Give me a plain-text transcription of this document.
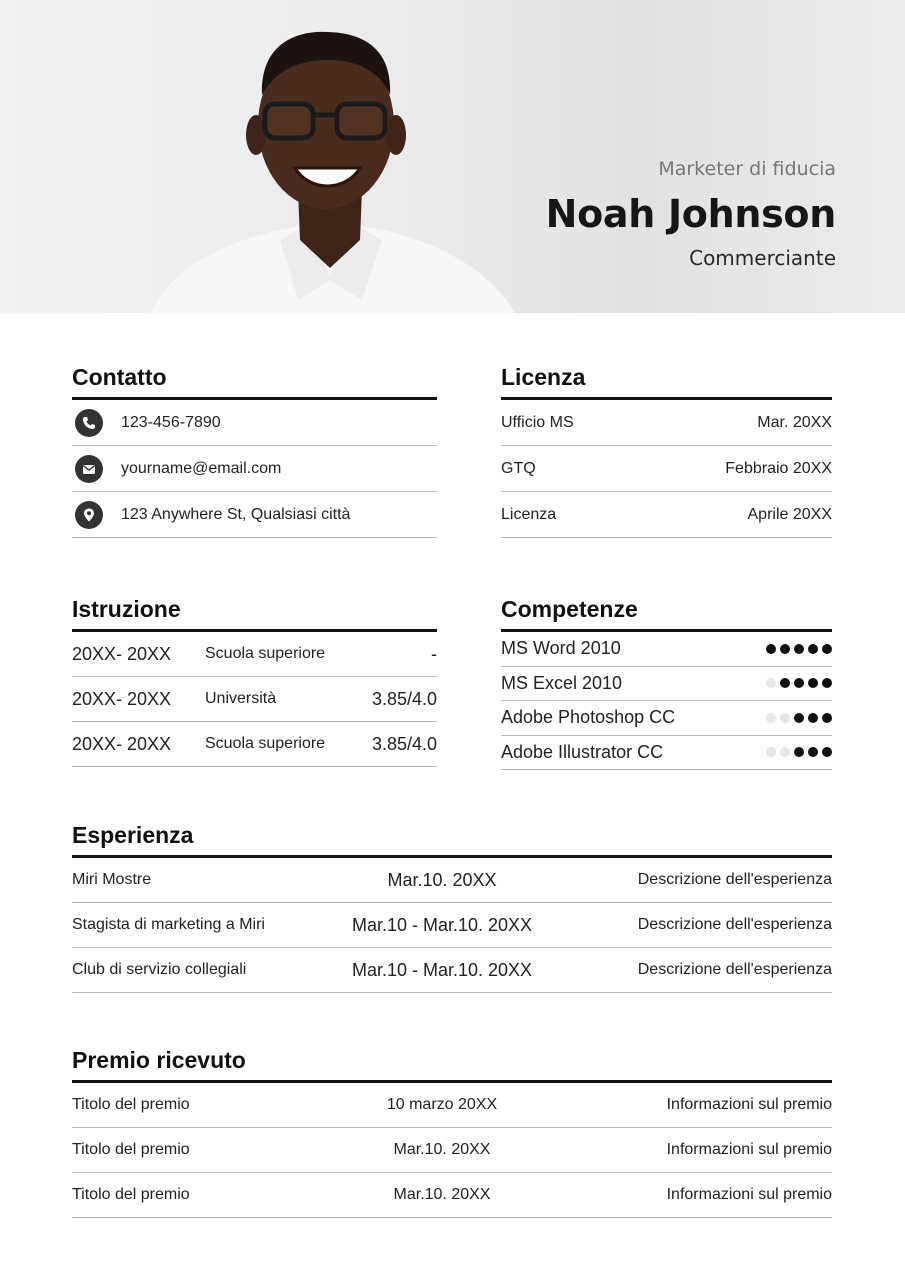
Marketer di fiducia
Noah Johnson
Commerciante
Contatto
123-456-7890
yourname@email.com
123 Anywhere St, Qualsiasi città
Licenza
Ufficio MS	Mar. 20XX
GTQ	Febbraio 20XX
Licenza	Aprile 20XX
Istruzione
20XX- 20XX	Scuola superiore	-
20XX- 20XX	Università	3.85/4.0
20XX- 20XX	Scuola superiore	3.85/4.0
Competenze
MS Word 2010
MS Excel 2010
Adobe Photoshop CC
Adobe Illustrator CC
Esperienza
Miri Mostre	Mar.10. 20XX	Descrizione dell'esperienza
Stagista di marketing a Miri	Mar.10 - Mar.10. 20XX	Descrizione dell'esperienza
Club di servizio collegiali	Mar.10 - Mar.10. 20XX	Descrizione dell'esperienza
Premio ricevuto
Titolo del premio	10 marzo 20XX	Informazioni sul premio
Titolo del premio	Mar.10. 20XX	Informazioni sul premio
Titolo del premio	Mar.10. 20XX	Informazioni sul premio
